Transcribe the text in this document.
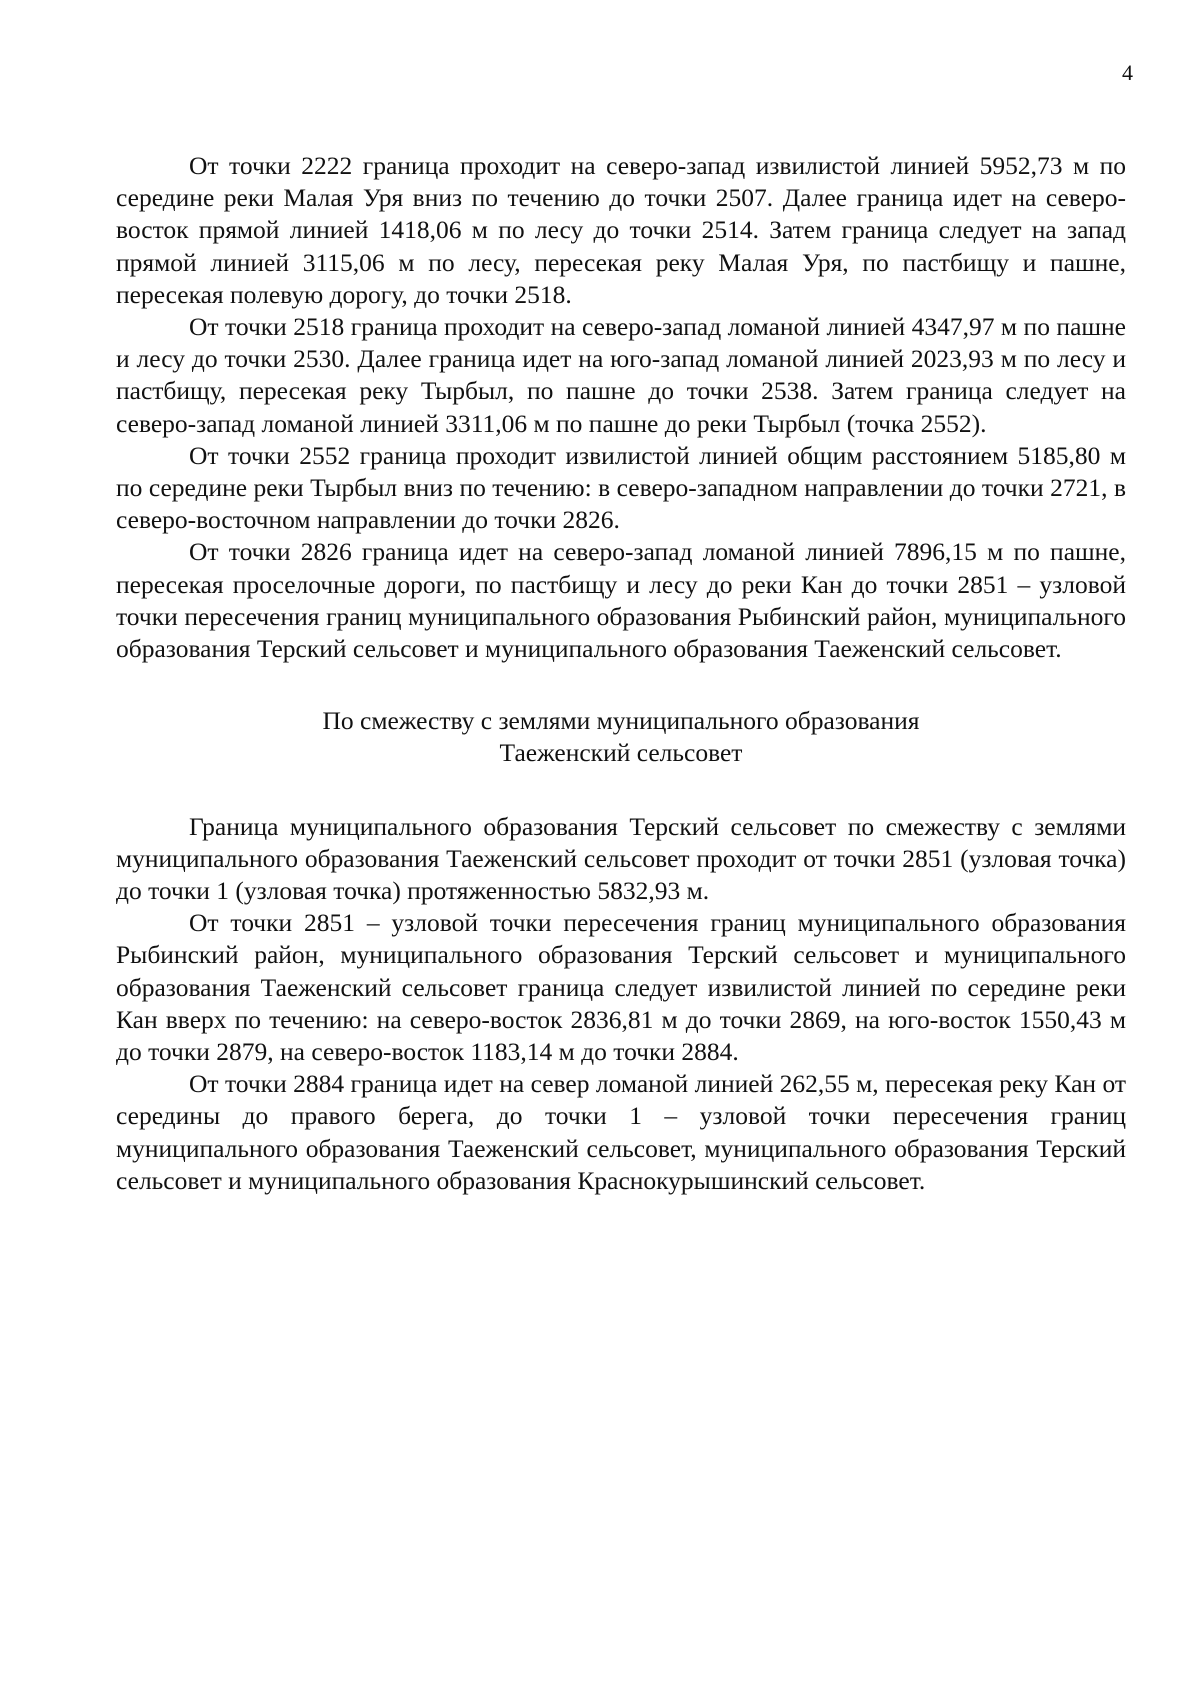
4

От точки 2222 граница проходит на северо-запад извилистой линией 5952,73 м по середине реки Малая Уря вниз по течению до точки 2507. Далее граница идет на северо-восток прямой линией 1418,06 м по лесу до точки 2514. Затем граница следует на запад прямой линией 3115,06 м по лесу, пересекая реку Малая Уря, по пастбищу и пашне, пересекая полевую дорогу, до точки 2518.

От точки 2518 граница проходит на северо-запад ломаной линией 4347,97 м по пашне и лесу до точки 2530. Далее граница идет на юго-запад ломаной линией 2023,93 м по лесу и пастбищу, пересекая реку Тырбыл, по пашне до точки 2538. Затем граница следует на северо-запад ломаной линией 3311,06 м по пашне до реки Тырбыл (точка 2552).

От точки 2552 граница проходит извилистой линией общим расстоянием 5185,80 м по середине реки Тырбыл вниз по течению: в северо-западном направлении до точки 2721, в северо-восточном направлении до точки 2826.

От точки 2826 граница идет на северо-запад ломаной линией 7896,15 м по пашне, пересекая проселочные дороги, по пастбищу и лесу до реки Кан до точки 2851 – узловой точки пересечения границ муниципального образования Рыбинский район, муниципального образования Терский сельсовет и муниципального образования Таеженский сельсовет.

По смежеству с землями муниципального образования
Таеженский сельсовет

Граница муниципального образования Терский сельсовет по смежеству с землями муниципального образования Таеженский сельсовет проходит от точки 2851 (узловая точка) до точки 1 (узловая точка) протяженностью 5832,93 м.

От точки 2851 – узловой точки пересечения границ муниципального образования Рыбинский район, муниципального образования Терский сельсовет и муниципального образования Таеженский сельсовет граница следует извилистой линией по середине реки Кан вверх по течению: на северо-восток 2836,81 м до точки 2869, на юго-восток 1550,43 м до точки 2879, на северо-восток 1183,14 м до точки 2884.

От точки 2884 граница идет на север ломаной линией 262,55 м, пересекая реку Кан от середины до правого берега, до точки 1 – узловой точки пересечения границ муниципального образования Таеженский сельсовет, муниципального образования Терский сельсовет и муниципального образования Краснокурышинский сельсовет.
